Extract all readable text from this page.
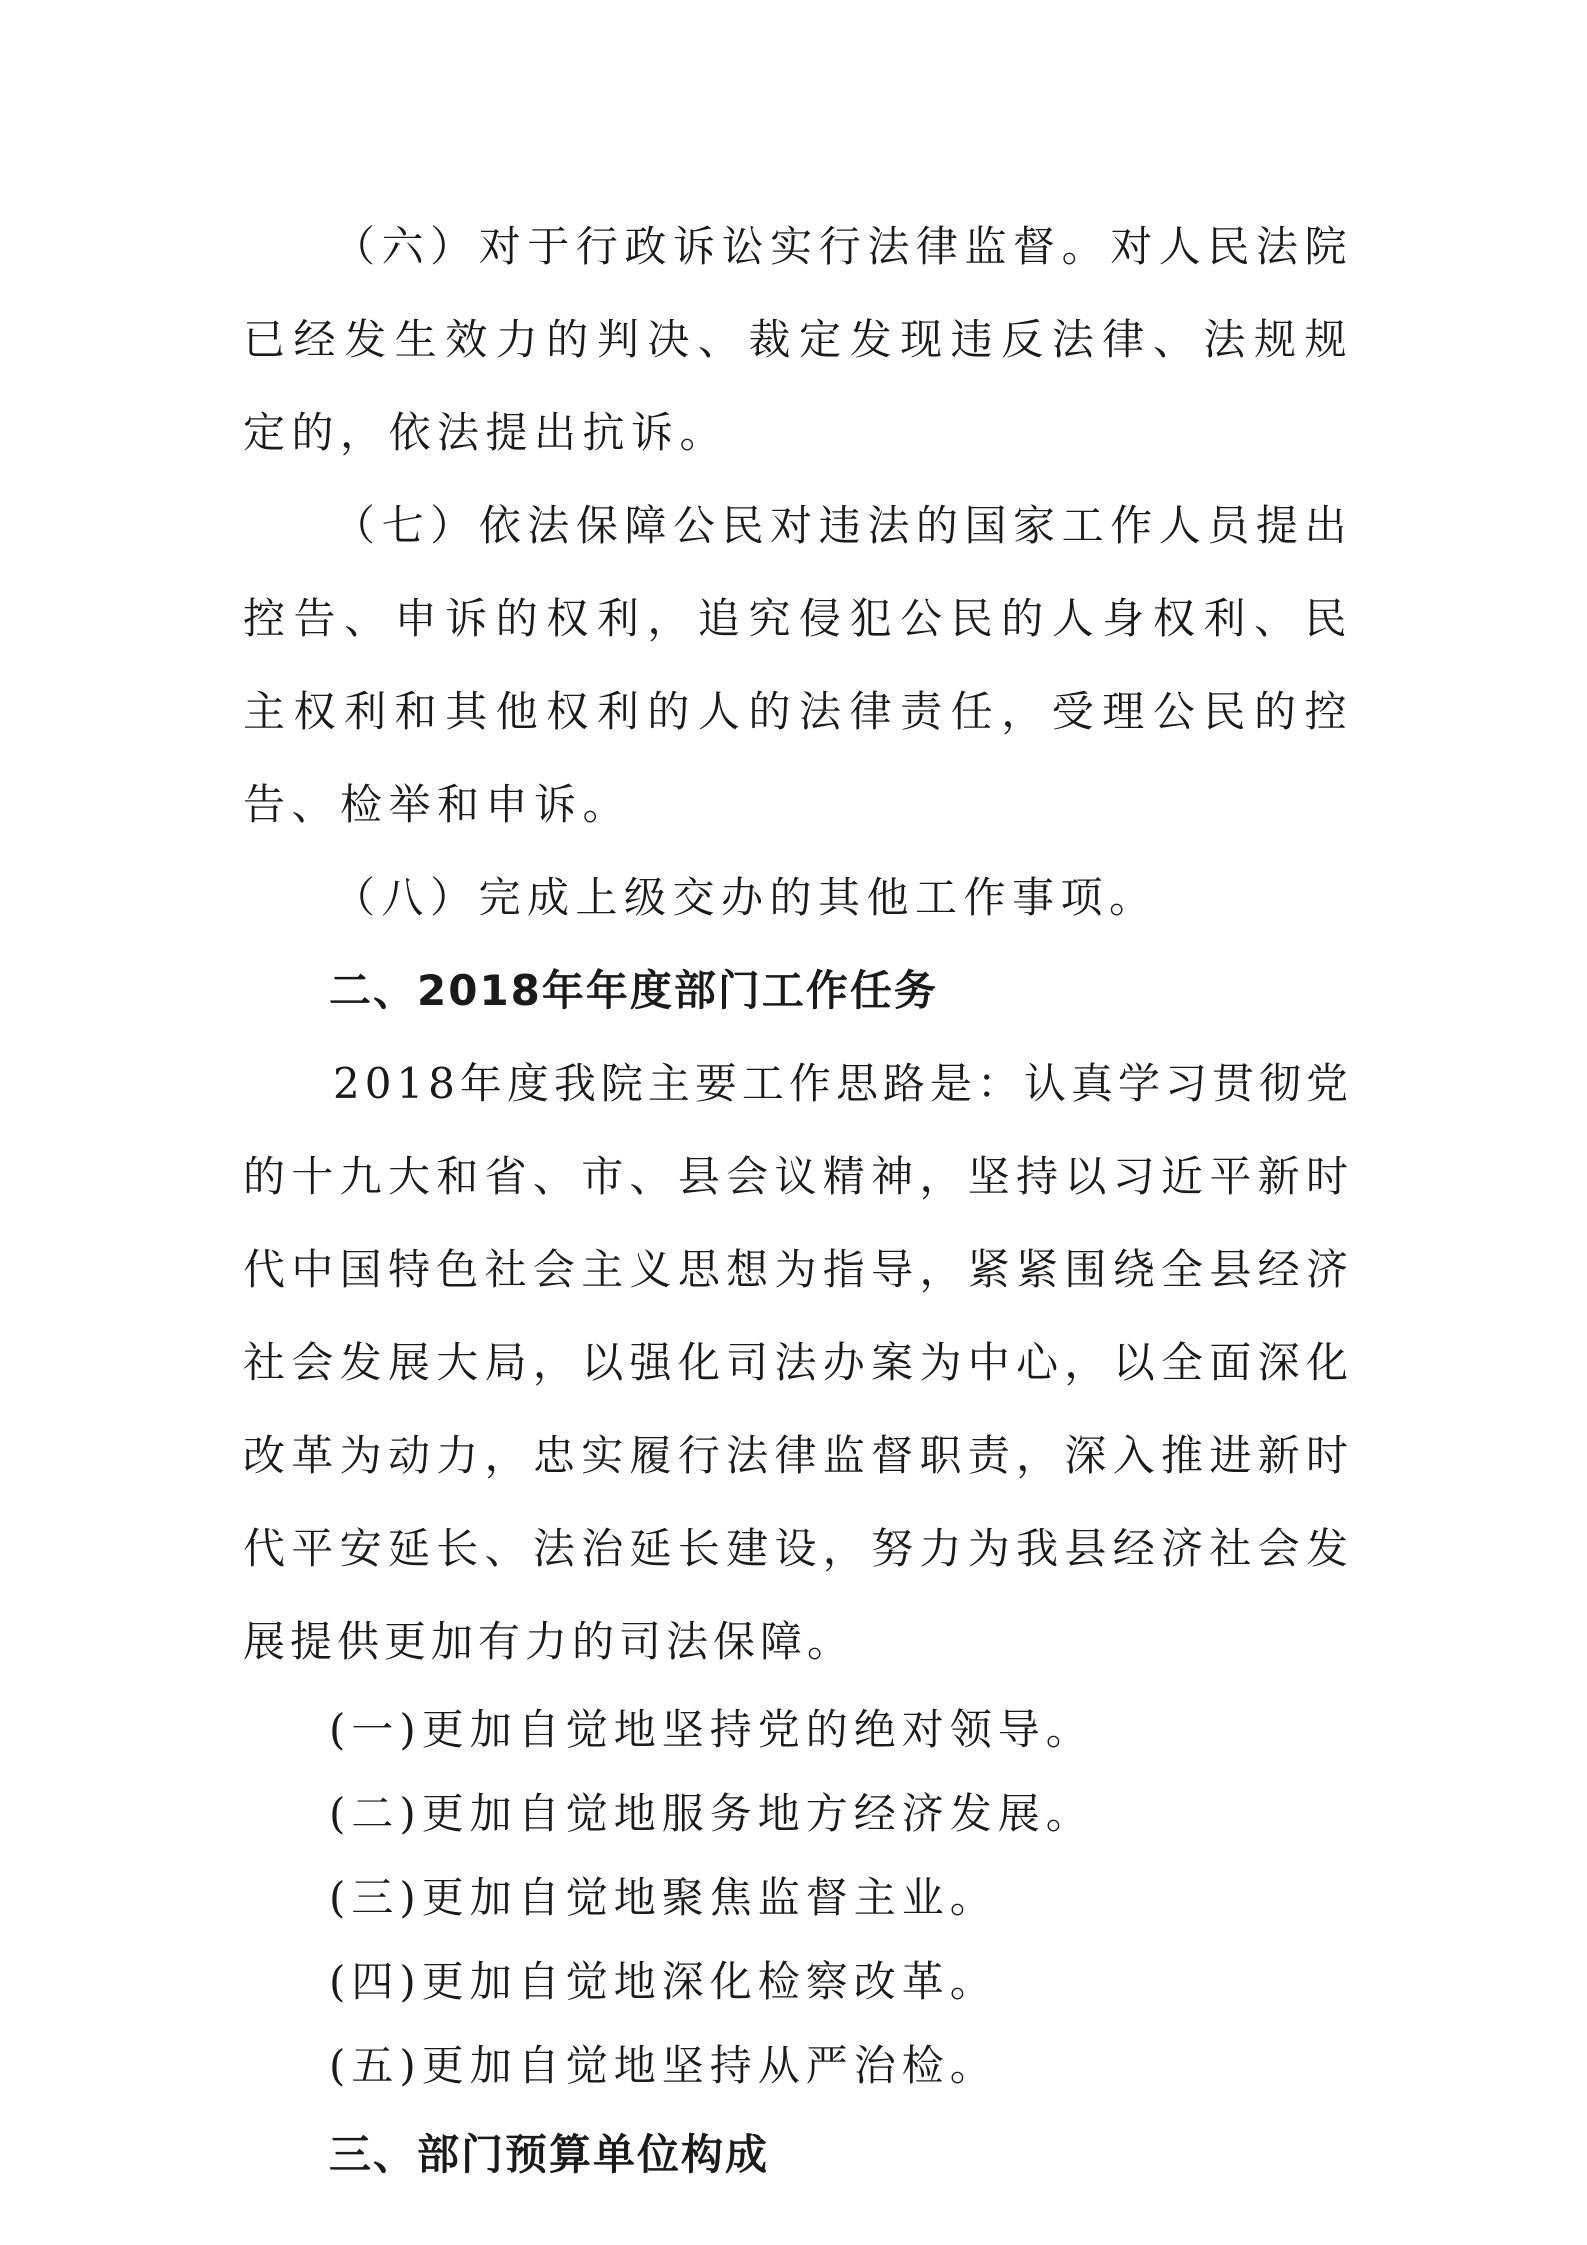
（六）对于行政诉讼实行法律监督。对人民法院已经发生效力的判决、裁定发现违反法律、法规规定的，依法提出抗诉。

（七）依法保障公民对违法的国家工作人员提出控告、申诉的权利，追究侵犯公民的人身权利、民主权利和其他权利的人的法律责任，受理公民的控告、检举和申诉。

（八）完成上级交办的其他工作事项。

二、2018年年度部门工作任务

2018年度我院主要工作思路是：认真学习贯彻党的十九大和省、市、县会议精神，坚持以习近平新时代中国特色社会主义思想为指导，紧紧围绕全县经济社会发展大局，以强化司法办案为中心，以全面深化改革为动力，忠实履行法律监督职责，深入推进新时代平安延长、法治延长建设，努力为我县经济社会发展提供更加有力的司法保障。

(一)更加自觉地坚持党的绝对领导。

(二)更加自觉地服务地方经济发展。

(三)更加自觉地聚焦监督主业。

(四)更加自觉地深化检察改革。

(五)更加自觉地坚持从严治检。

三、部门预算单位构成
